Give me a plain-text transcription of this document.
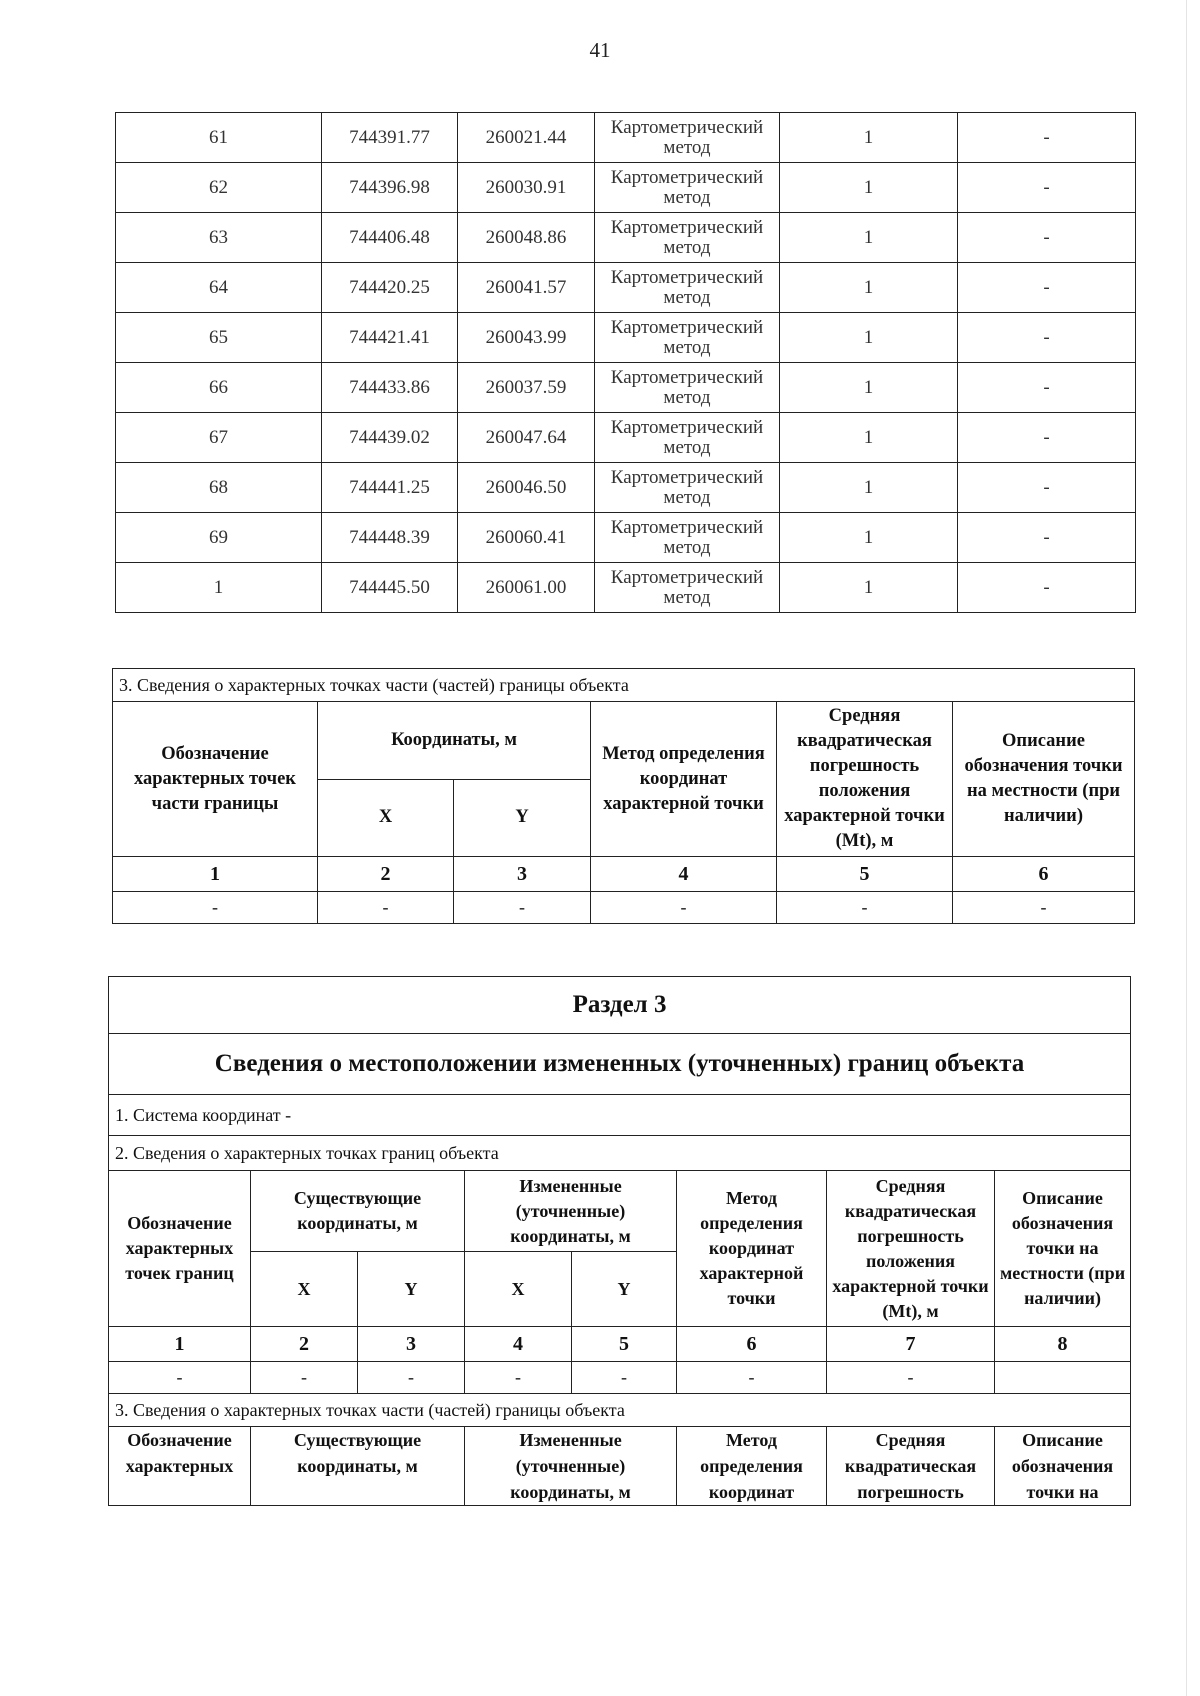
41
61	744391.77	260021.44	Картометрический метод	1	-
62	744396.98	260030.91	Картометрический метод	1	-
63	744406.48	260048.86	Картометрический метод	1	-
64	744420.25	260041.57	Картометрический метод	1	-
65	744421.41	260043.99	Картометрический метод	1	-
66	744433.86	260037.59	Картометрический метод	1	-
67	744439.02	260047.64	Картометрический метод	1	-
68	744441.25	260046.50	Картометрический метод	1	-
69	744448.39	260060.41	Картометрический метод	1	-
1	744445.50	260061.00	Картометрический метод	1	-
3. Сведения о характерных точках части (частей) границы объекта					
Обозначение характерных точек части границы	Координаты, м		Метод определения координат характерной точки	Средняя квадратическая погрешность положения характерной точки (Mt), м	Описание обозначения точки на местности (при наличии)
	X	Y			
1	2	3	4	5	6
-	-	-	-	-	-
Раздел 3							
Сведения о местоположении измененных (уточненных) границ объекта							
1. Система координат -							
2. Сведения о характерных точках границ объекта							
Обозначение характерных точек границ	Существующие координаты, м		Измененные (уточненные) координаты, м		Метод определения координат характерной точки	Средняя квадратическая погрешность положения характерной точки (Mt), м	Описание обозначения точки на местности (при наличии)
	X	Y	X	Y			
1	2	3	4	5	6	7	8
-	-	-	-	-	-	-	
3. Сведения о характерных точках части (частей) границы объекта							
Обозначение характерных	Существующие координаты, м		Измененные (уточненные) координаты, м		Метод определения координат	Средняя квадратическая погрешность	Описание обозначения точки на
